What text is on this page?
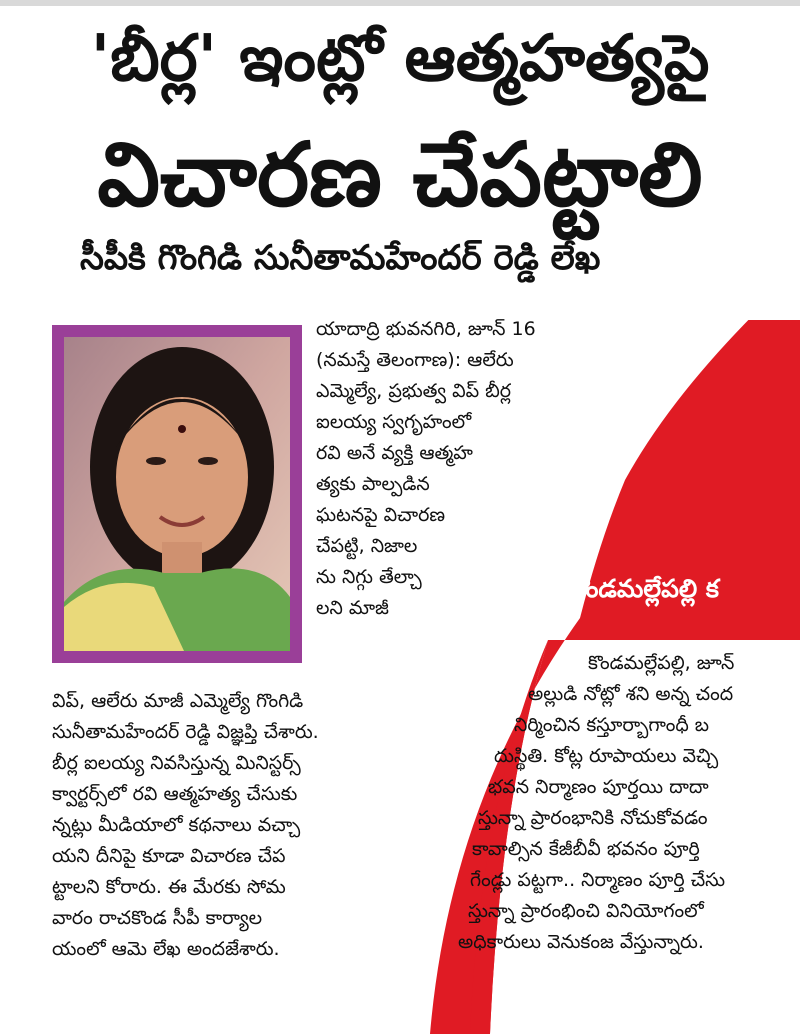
'బీర్ల' ఇంట్లో ఆత్మహత్యపై
విచారణ చేపట్టాలి
సీపీకి గొంగిడి సునీతామహేందర్ రెడ్డి లేఖ
యాదాద్రి భువనగిరి, జూన్ 16
(నమస్తే తెలంగాణ): ఆలేరు
ఎమ్మెల్యే, ప్రభుత్వ విప్ బీర్ల
ఐలయ్య స్వగృహంలో
రవి అనే వ్యక్తి ఆత్మహ
త్యకు పాల్పడిన
ఘటనపై విచారణ
చేపట్టి, నిజాల
ను నిగ్గు తేల్చా
లని మాజీ
విప్, ఆలేరు మాజీ ఎమ్మెల్యే గొంగిడి
సునీతామహేందర్ రెడ్డి విజ్ఞప్తి చేశారు.
బీర్ల ఐలయ్య నివసిస్తున్న మినిస్టర్స్
క్వార్టర్స్‌లో రవి ఆత్మహత్య చేసుకు
న్నట్లు మీడియాలో కథనాలు వచ్చా
యని దీనిపై కూడా విచారణ చేప
ట్టాలని కోరారు. ఈ మేరకు సోమ
వారం రాచకొండ సీపీ కార్యాల
యంలో ఆమె లేఖ అందజేశారు.
కొండమల్లేపల్లి క
కొండమల్లేపల్లి, జూన్
అల్లుడి నోట్లో శని అన్న చంద
నిర్మించిన కస్తూర్బాగాంధీ బ
దుస్థితి. కోట్ల రూపాయలు వెచ్చి
భవన నిర్మాణం పూర్తయి దాదా
స్తున్నా ప్రారంభానికి నోచుకోవడం
కావాల్సిన కేజీబీవీ భవనం పూర్తి
గేండ్లు పట్టగా.. నిర్మాణం పూర్తి చేసు
స్తున్నా ప్రారంభించి వినియోగంలో
అధికారులు వెనుకంజ వేస్తున్నారు.
